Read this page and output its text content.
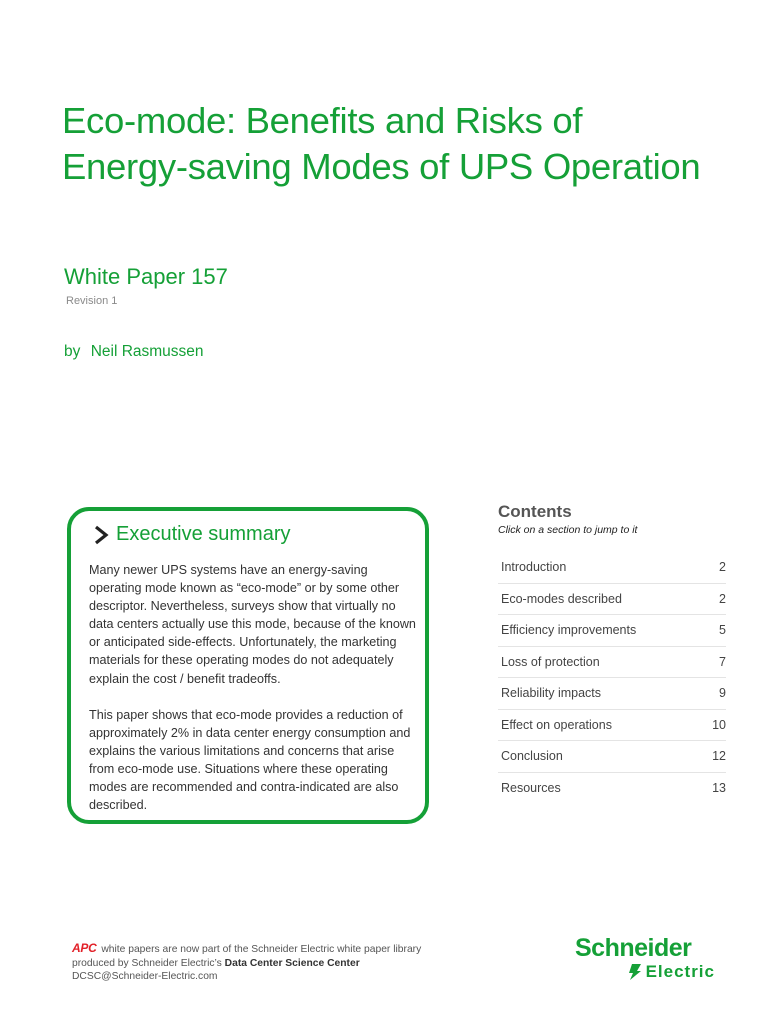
Eco-mode: Benefits and Risks of Energy-saving Modes of UPS Operation
White Paper 157
Revision 1
by Neil Rasmussen
Executive summary

Many newer UPS systems have an energy-saving operating mode known as “eco-mode” or by some other descriptor. Nevertheless, surveys show that virtually no data centers actually use this mode, because of the known or anticipated side-effects. Unfortunately, the marketing materials for these operating modes do not adequately explain the cost / benefit tradeoffs.

This paper shows that eco-mode provides a reduction of approximately 2% in data center energy consumption and explains the various limitations and concerns that arise from eco-mode use. Situations where these operating modes are recommended and contra-indicated are also described.

Contents
Click on a section to jump to it
Introduction	2
Eco-modes described	2
Efficiency improvements	5
Loss of protection	7
Reliability impacts	9
Effect on operations	10
Conclusion	12
Resources	13
APC white papers are now part of the Schneider Electric white paper library
produced by Schneider Electric’s Data Center Science Center
DCSC@Schneider-Electric.com
Schneider
Electric
